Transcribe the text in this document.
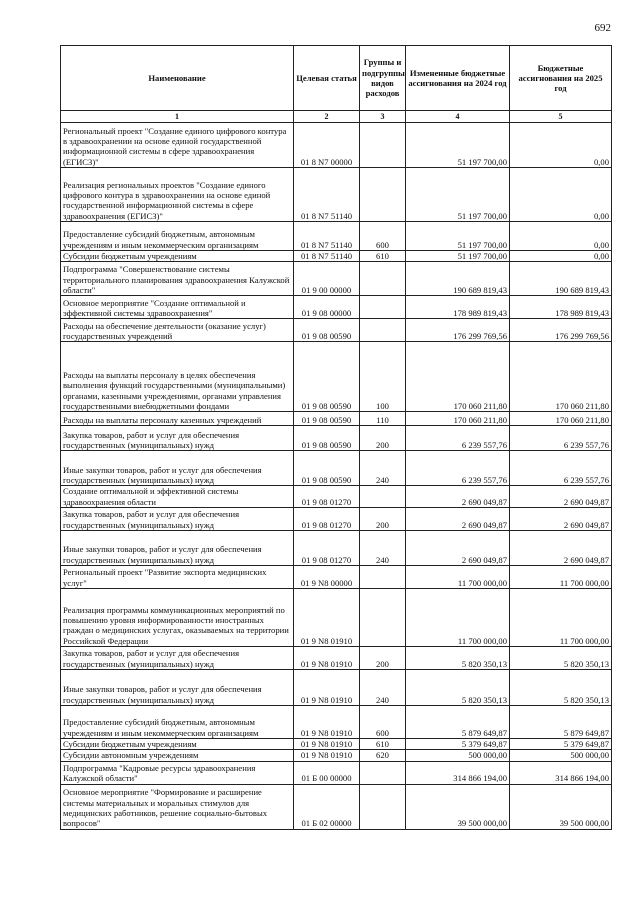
692
Наименование	Целевая статья	Группы и подгруппы видов расходов	Измененные бюджетные ассигнования на 2024 год	Бюджетные ассигнования на 2025 год
1	2	3	4	5
Региональный проект "Создание единого цифрового контура в здравоохранении на основе единой государственной информационной системы в сфере здравоохранения (ЕГИСЗ)"	01 8 N7 00000		51 197 700,00	0,00
Реализация региональных проектов "Создание единого цифрового контура в здравоохранении на основе единой государственной информационной системы в сфере здравоохранения (ЕГИСЗ)"	01 8 N7 51140		51 197 700,00	0,00
Предоставление субсидий бюджетным, автономным учреждениям и иным некоммерческим организациям	01 8 N7 51140	600	51 197 700,00	0,00
Субсидии бюджетным учреждениям	01 8 N7 51140	610	51 197 700,00	0,00
Подпрограмма "Совершенствование системы территориального планирования здравоохранения Калужской области"	01 9 00 00000		190 689 819,43	190 689 819,43
Основное мероприятие "Создание оптимальной и эффективной системы здравоохранения"	01 9 08 00000		178 989 819,43	178 989 819,43
Расходы на обеспечение деятельности (оказание услуг) государственных учреждений	01 9 08 00590		176 299 769,56	176 299 769,56
Расходы на выплаты персоналу в целях обеспечения выполнения функций государственными (муниципальными) органами, казенными учреждениями, органами управления государственными внебюджетными фондами	01 9 08 00590	100	170 060 211,80	170 060 211,80
Расходы на выплаты персоналу казенных учреждений	01 9 08 00590	110	170 060 211,80	170 060 211,80
Закупка товаров, работ и услуг для обеспечения государственных (муниципальных) нужд	01 9 08 00590	200	6 239 557,76	6 239 557,76
Иные закупки товаров, работ и услуг для обеспечения государственных (муниципальных) нужд	01 9 08 00590	240	6 239 557,76	6 239 557,76
Создание оптимальной и эффективной системы здравоохранения области	01 9 08 01270		2 690 049,87	2 690 049,87
Закупка товаров, работ и услуг для обеспечения государственных (муниципальных) нужд	01 9 08 01270	200	2 690 049,87	2 690 049,87
Иные закупки товаров, работ и услуг для обеспечения государственных (муниципальных) нужд	01 9 08 01270	240	2 690 049,87	2 690 049,87
Региональный проект "Развитие экспорта медицинских услуг"	01 9 N8 00000		11 700 000,00	11 700 000,00
Реализация программы коммуникационных мероприятий по повышению уровня информированности иностранных граждан о медицинских услугах, оказываемых на территории Российской Федерации	01 9 N8 01910		11 700 000,00	11 700 000,00
Закупка товаров, работ и услуг для обеспечения государственных (муниципальных) нужд	01 9 N8 01910	200	5 820 350,13	5 820 350,13
Иные закупки товаров, работ и услуг для обеспечения государственных (муниципальных) нужд	01 9 N8 01910	240	5 820 350,13	5 820 350,13
Предоставление субсидий бюджетным, автономным учреждениям и иным некоммерческим организациям	01 9 N8 01910	600	5 879 649,87	5 879 649,87
Субсидии бюджетным учреждениям	01 9 N8 01910	610	5 379 649,87	5 379 649,87
Субсидии автономным учреждениям	01 9 N8 01910	620	500 000,00	500 000,00
Подпрограмма "Кадровые ресурсы здравоохранения Калужской области"	01 Б 00 00000		314 866 194,00	314 866 194,00
Основное мероприятие "Формирование и расширение системы материальных и моральных стимулов для медицинских работников, решение социально-бытовых вопросов"	01 Б 02 00000		39 500 000,00	39 500 000,00
